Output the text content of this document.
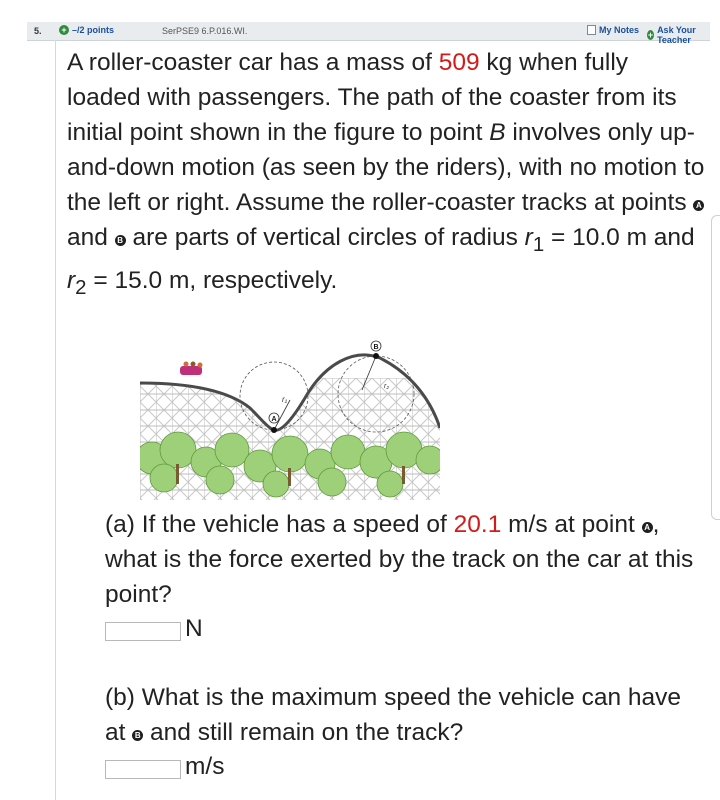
5. + –/2 points	SerPSE9 6.P.016.WI.	My Notes + Ask Your Teacher
A roller-coaster car has a mass of 509 kg when fully loaded with passengers. The path of the coaster from its initial point shown in the figure to point B involves only up-and-down motion (as seen by the riders), with no motion to the left or right. Assume the roller-coaster tracks at points A and B are parts of vertical circles of radius $r_1 = 10.0$ m and $r_2 = 15.0$ m, respectively.
r₁
A
r₂
B
(a) If the vehicle has a speed of 20.1 m/s at point A , what is the force exerted by the track on the car at this point?
N
(b) What is the maximum speed the vehicle can have at B and still remain on the track?
m/s
